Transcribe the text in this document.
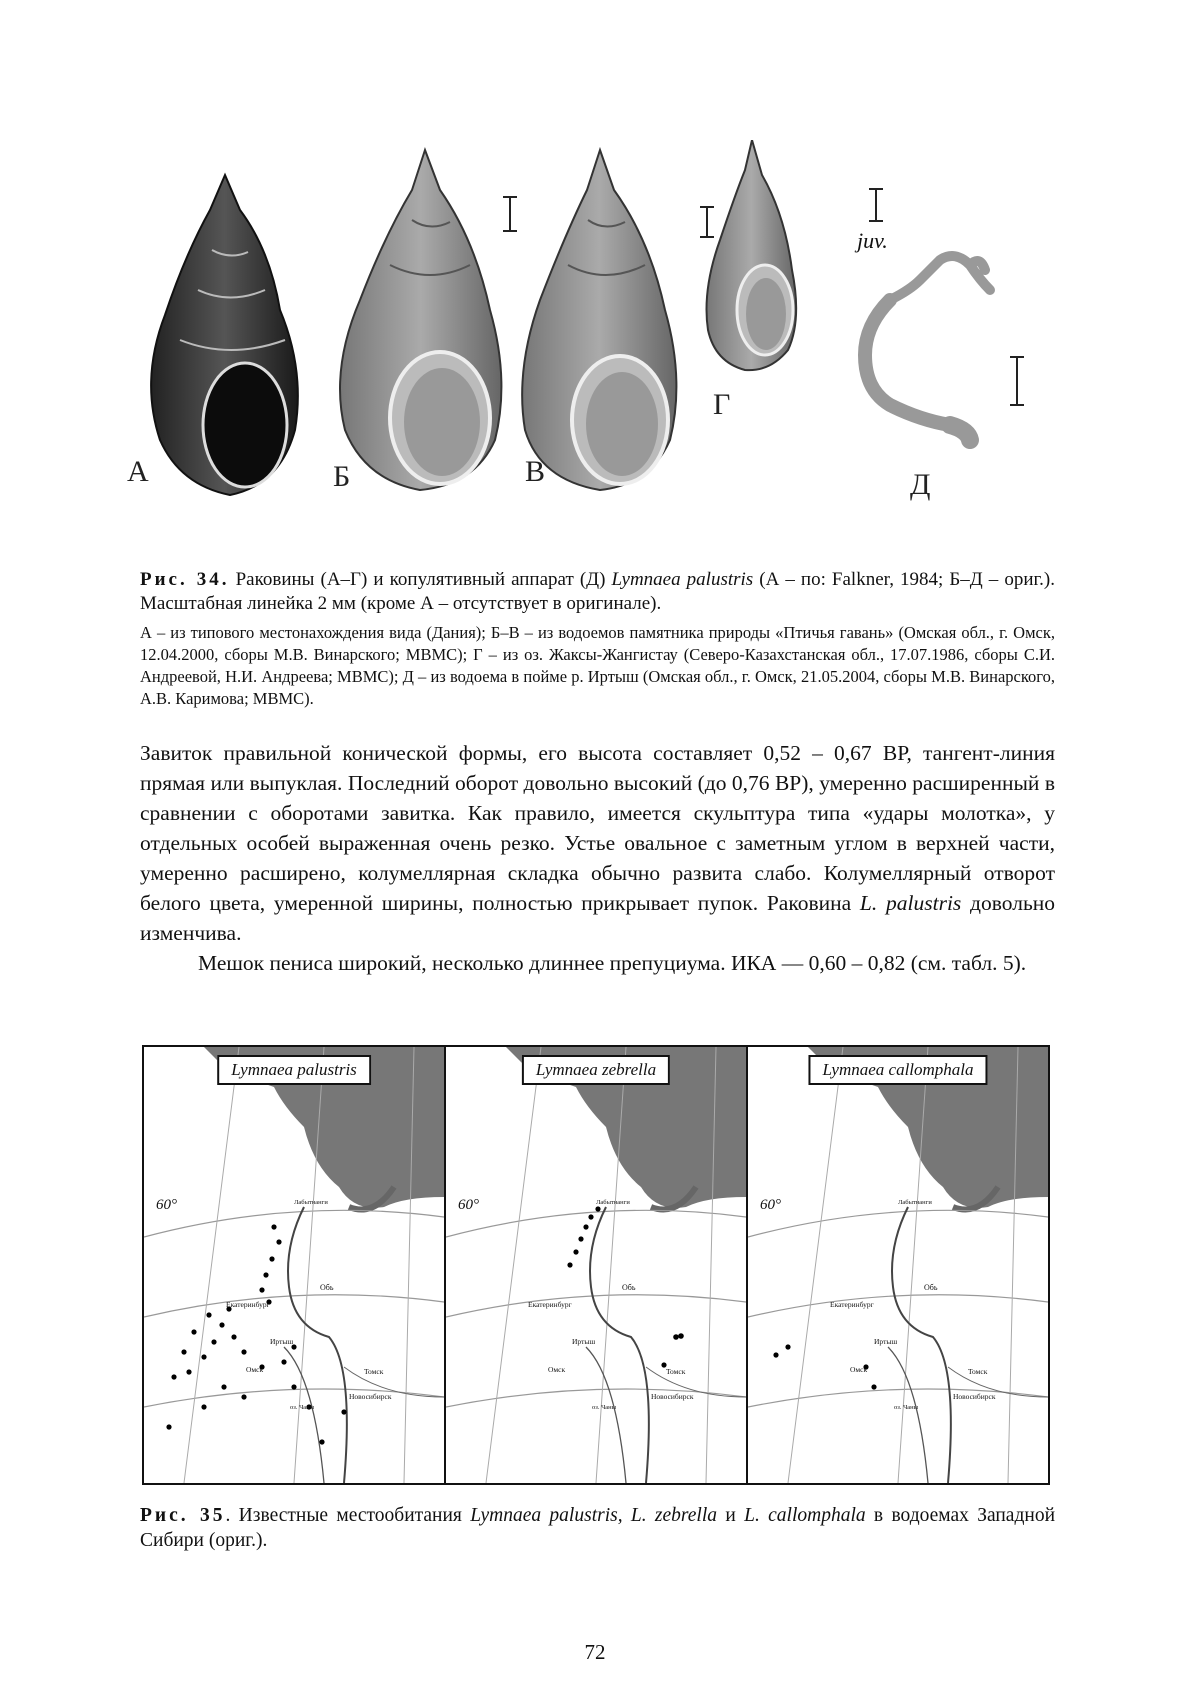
А	Б	В
Г
Д
juv.
Рис. 34. Раковины (А–Г) и копулятивный аппарат (Д) Lymnaea palustris (А – по: Falkner, 1984; Б–Д – ориг.). Масштабная линейка 2 мм (кроме А – отсутствует в оригинале).
А – из типового местонахождения вида (Дания); Б–В – из водоемов памятника природы «Птичья гавань» (Омская обл., г. Омск, 12.04.2000, сборы М.В. Винарского; МВМС); Г – из оз. Жаксы-Жангистау (Северо-Казахстанская обл., 17.07.1986, сборы С.И. Андреевой, Н.И. Андреева; МВМС); Д – из водоема в пойме р. Иртыш (Омская обл., г. Омск, 21.05.2004, сборы М.В. Винарского, А.В. Каримова; МВМС).

Завиток правильной конической формы, его высота составляет 0,52 – 0,67 ВР, тангент-линия прямая или выпуклая. Последний оборот довольно высокий (до 0,76 ВР), умеренно расширенный в сравнении с оборотами завитка. Как правило, имеется скульптура типа «удары молотка», у отдельных особей выраженная очень резко. Устье овальное с заметным углом в верхней части, умеренно расширено, колумеллярная складка обычно развита слабо. Колумеллярный отворот белого цвета, умеренной ширины, полностью прикрывает пупок. Раковина L. palustris довольно изменчива.

Мешок пениса широкий, несколько длиннее препуциума. ИКА — 0,60 – 0,82 (см. табл. 5).

Lymnaea palustris
60°	Лабытнанги
Екатеринбург
Обь
Иртыш
Омск	Томск
Новосибирск
оз. Чаны
Lymnaea zebrella
60°	Лабытнанги
Екатеринбург
Обь
Иртыш
Омск	Томск
Новосибирск
оз. Чаны
Lymnaea callomphala
60°	Лабытнанги
Екатеринбург
Обь
Иртыш
Омск	Томск
Новосибирск
оз. Чаны
Рис. 35. Известные местообитания Lymnaea palustris, L. zebrella и L. callomphala в водоемах Западной Сибири (ориг.).
72
